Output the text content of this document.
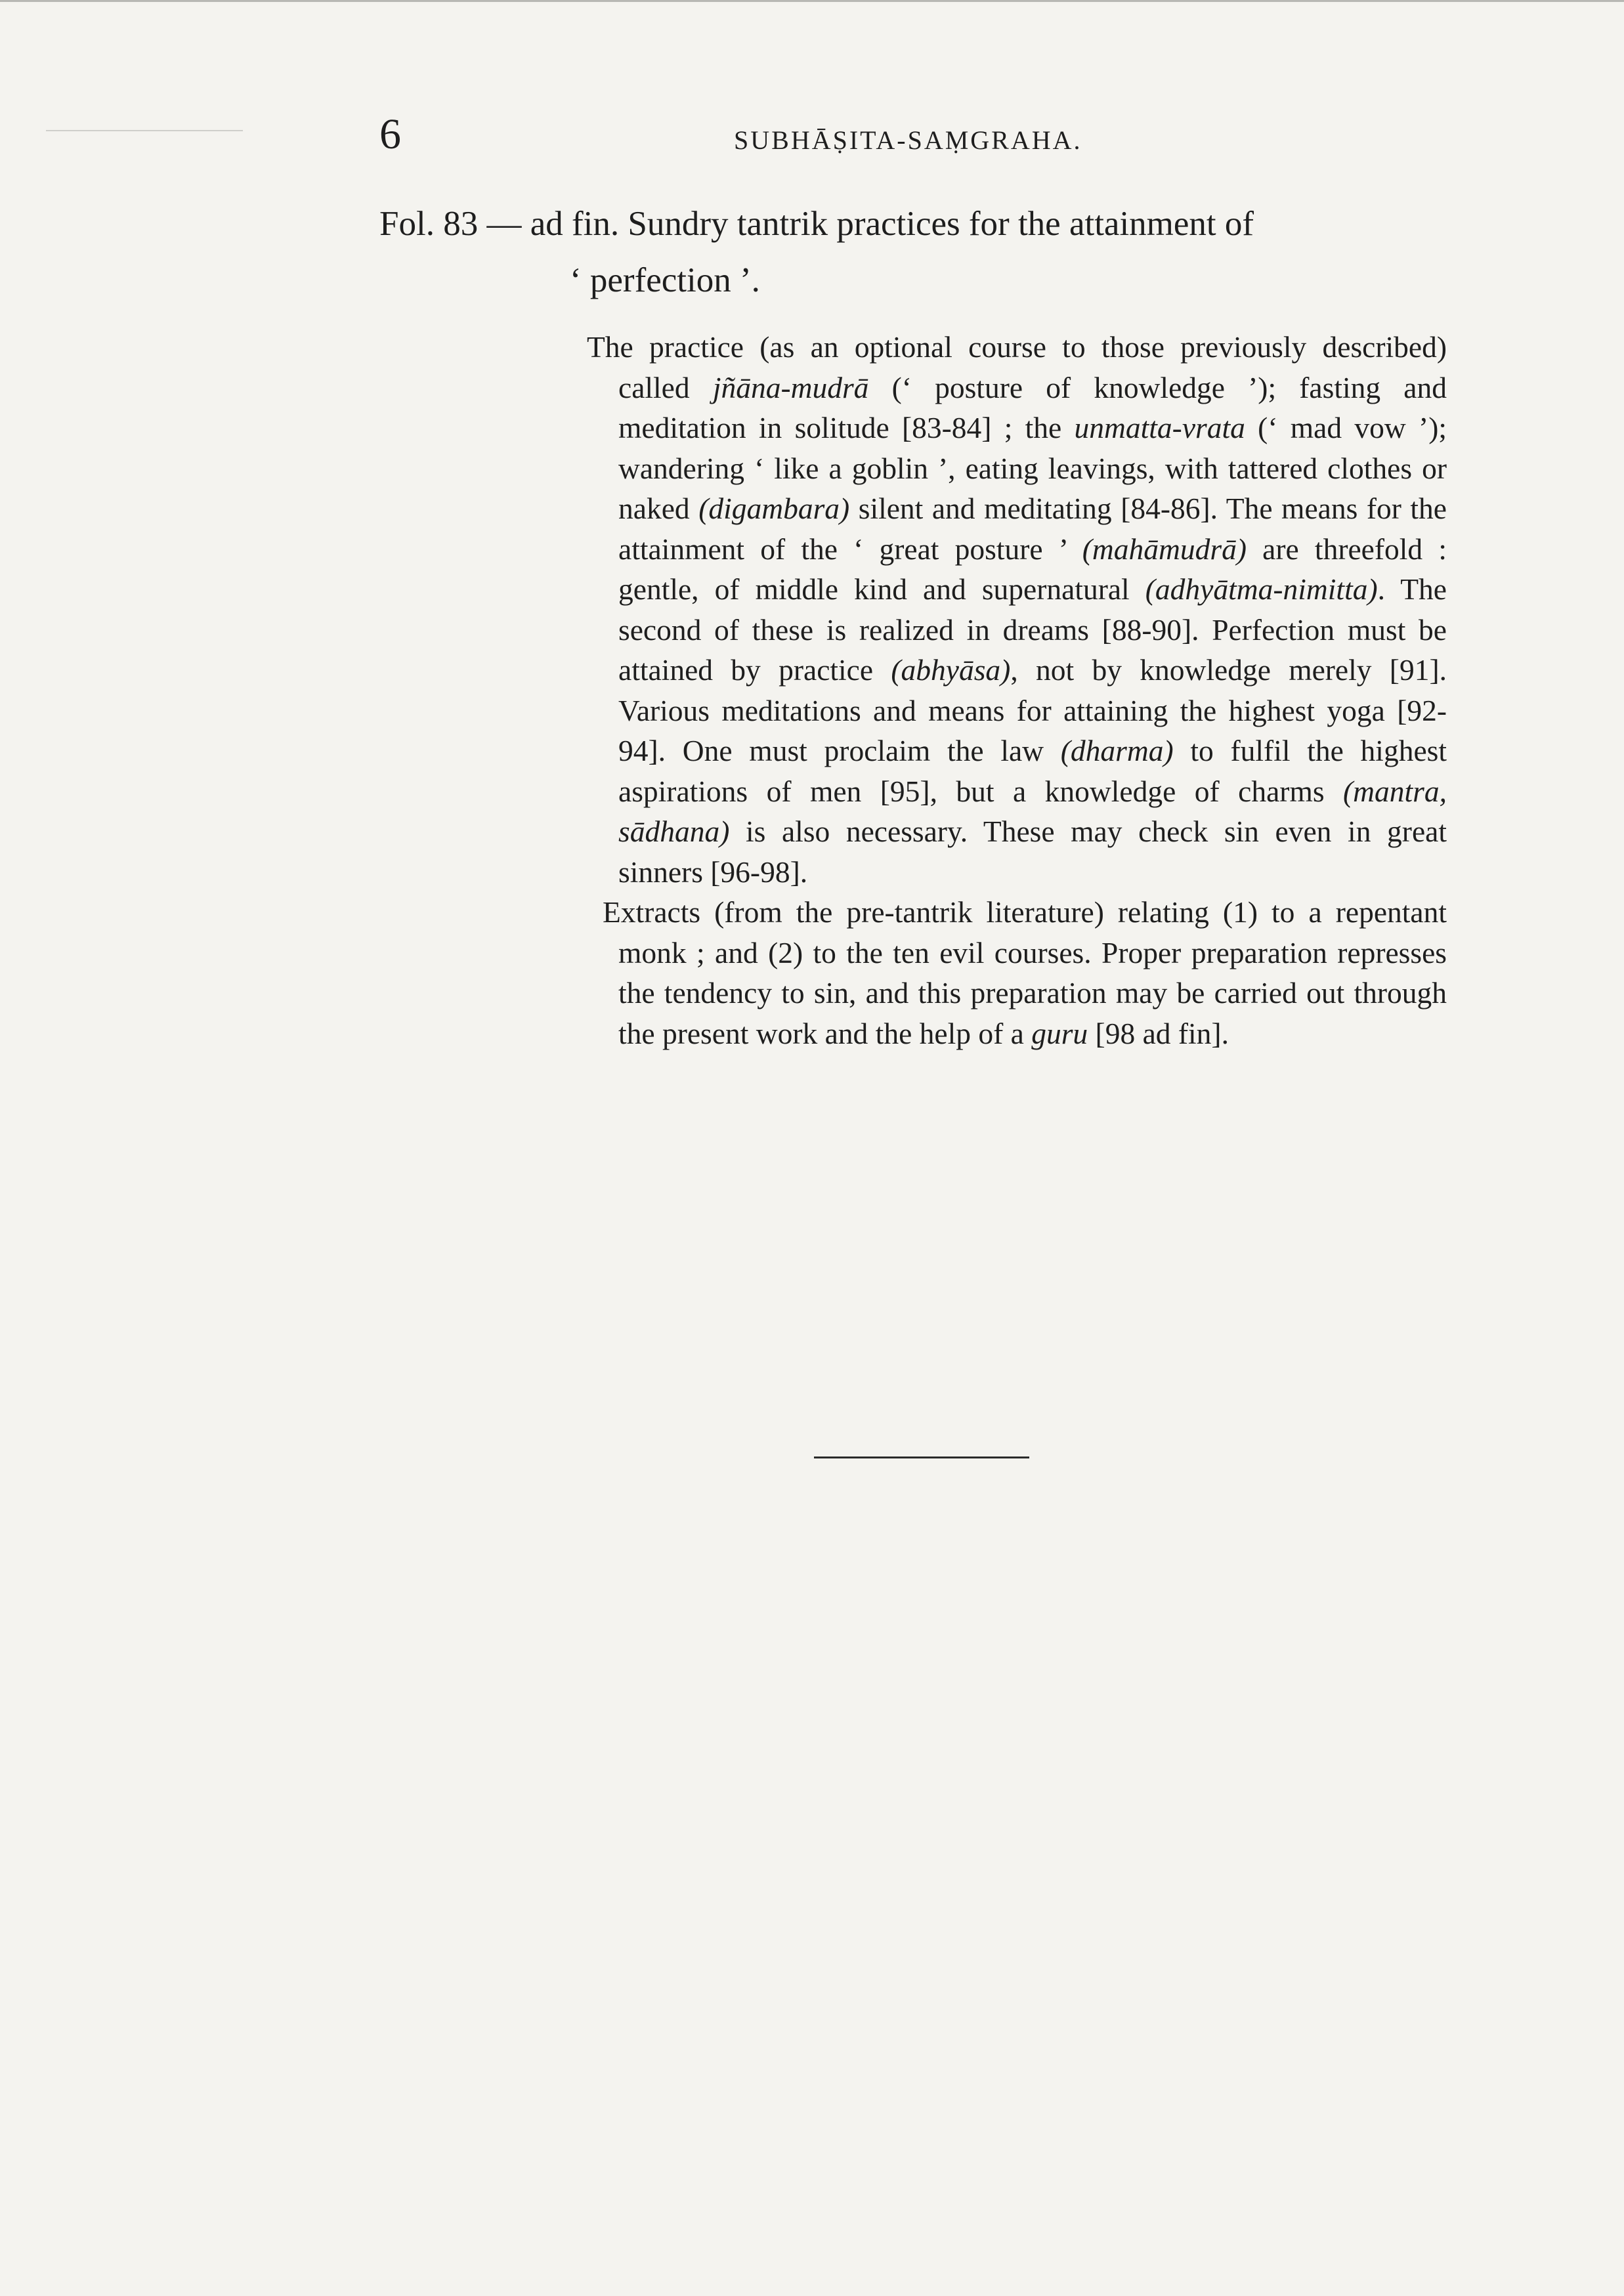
6	SUBHĀṢITA-SAṂGRAHA.
Fol. 83 — ad fin. Sundry tantrik practices for the attainment of
‘ perfection ’.

The practice (as an optional course to those previously described) called jñāna-mudrā (‘ posture of knowledge ’); fasting and meditation in solitude [83-84] ; the unmatta-vrata (‘ mad vow ’); wandering ‘ like a goblin ’, eating leavings, with tattered clothes or naked (digambara) silent and meditating [84-86]. The means for the attainment of the ‘ great posture ’ (mahāmudrā) are threefold : gentle, of middle kind and supernatural (adhyātma-nimitta). The second of these is realized in dreams [88-90]. Perfection must be attained by practice (abhyāsa), not by knowledge merely [91]. Various meditations and means for attaining the highest yoga [92-94]. One must proclaim the law (dharma) to fulfil the highest aspirations of men [95], but a knowledge of charms (mantra, sādhana) is also necessary. These may check sin even in great sinners [96-98].

Extracts (from the pre-tantrik literature) relating (1) to a repentant monk ; and (2) to the ten evil courses. Proper preparation represses the tendency to sin, and this preparation may be carried out through the present work and the help of a guru [98 ad fin].
